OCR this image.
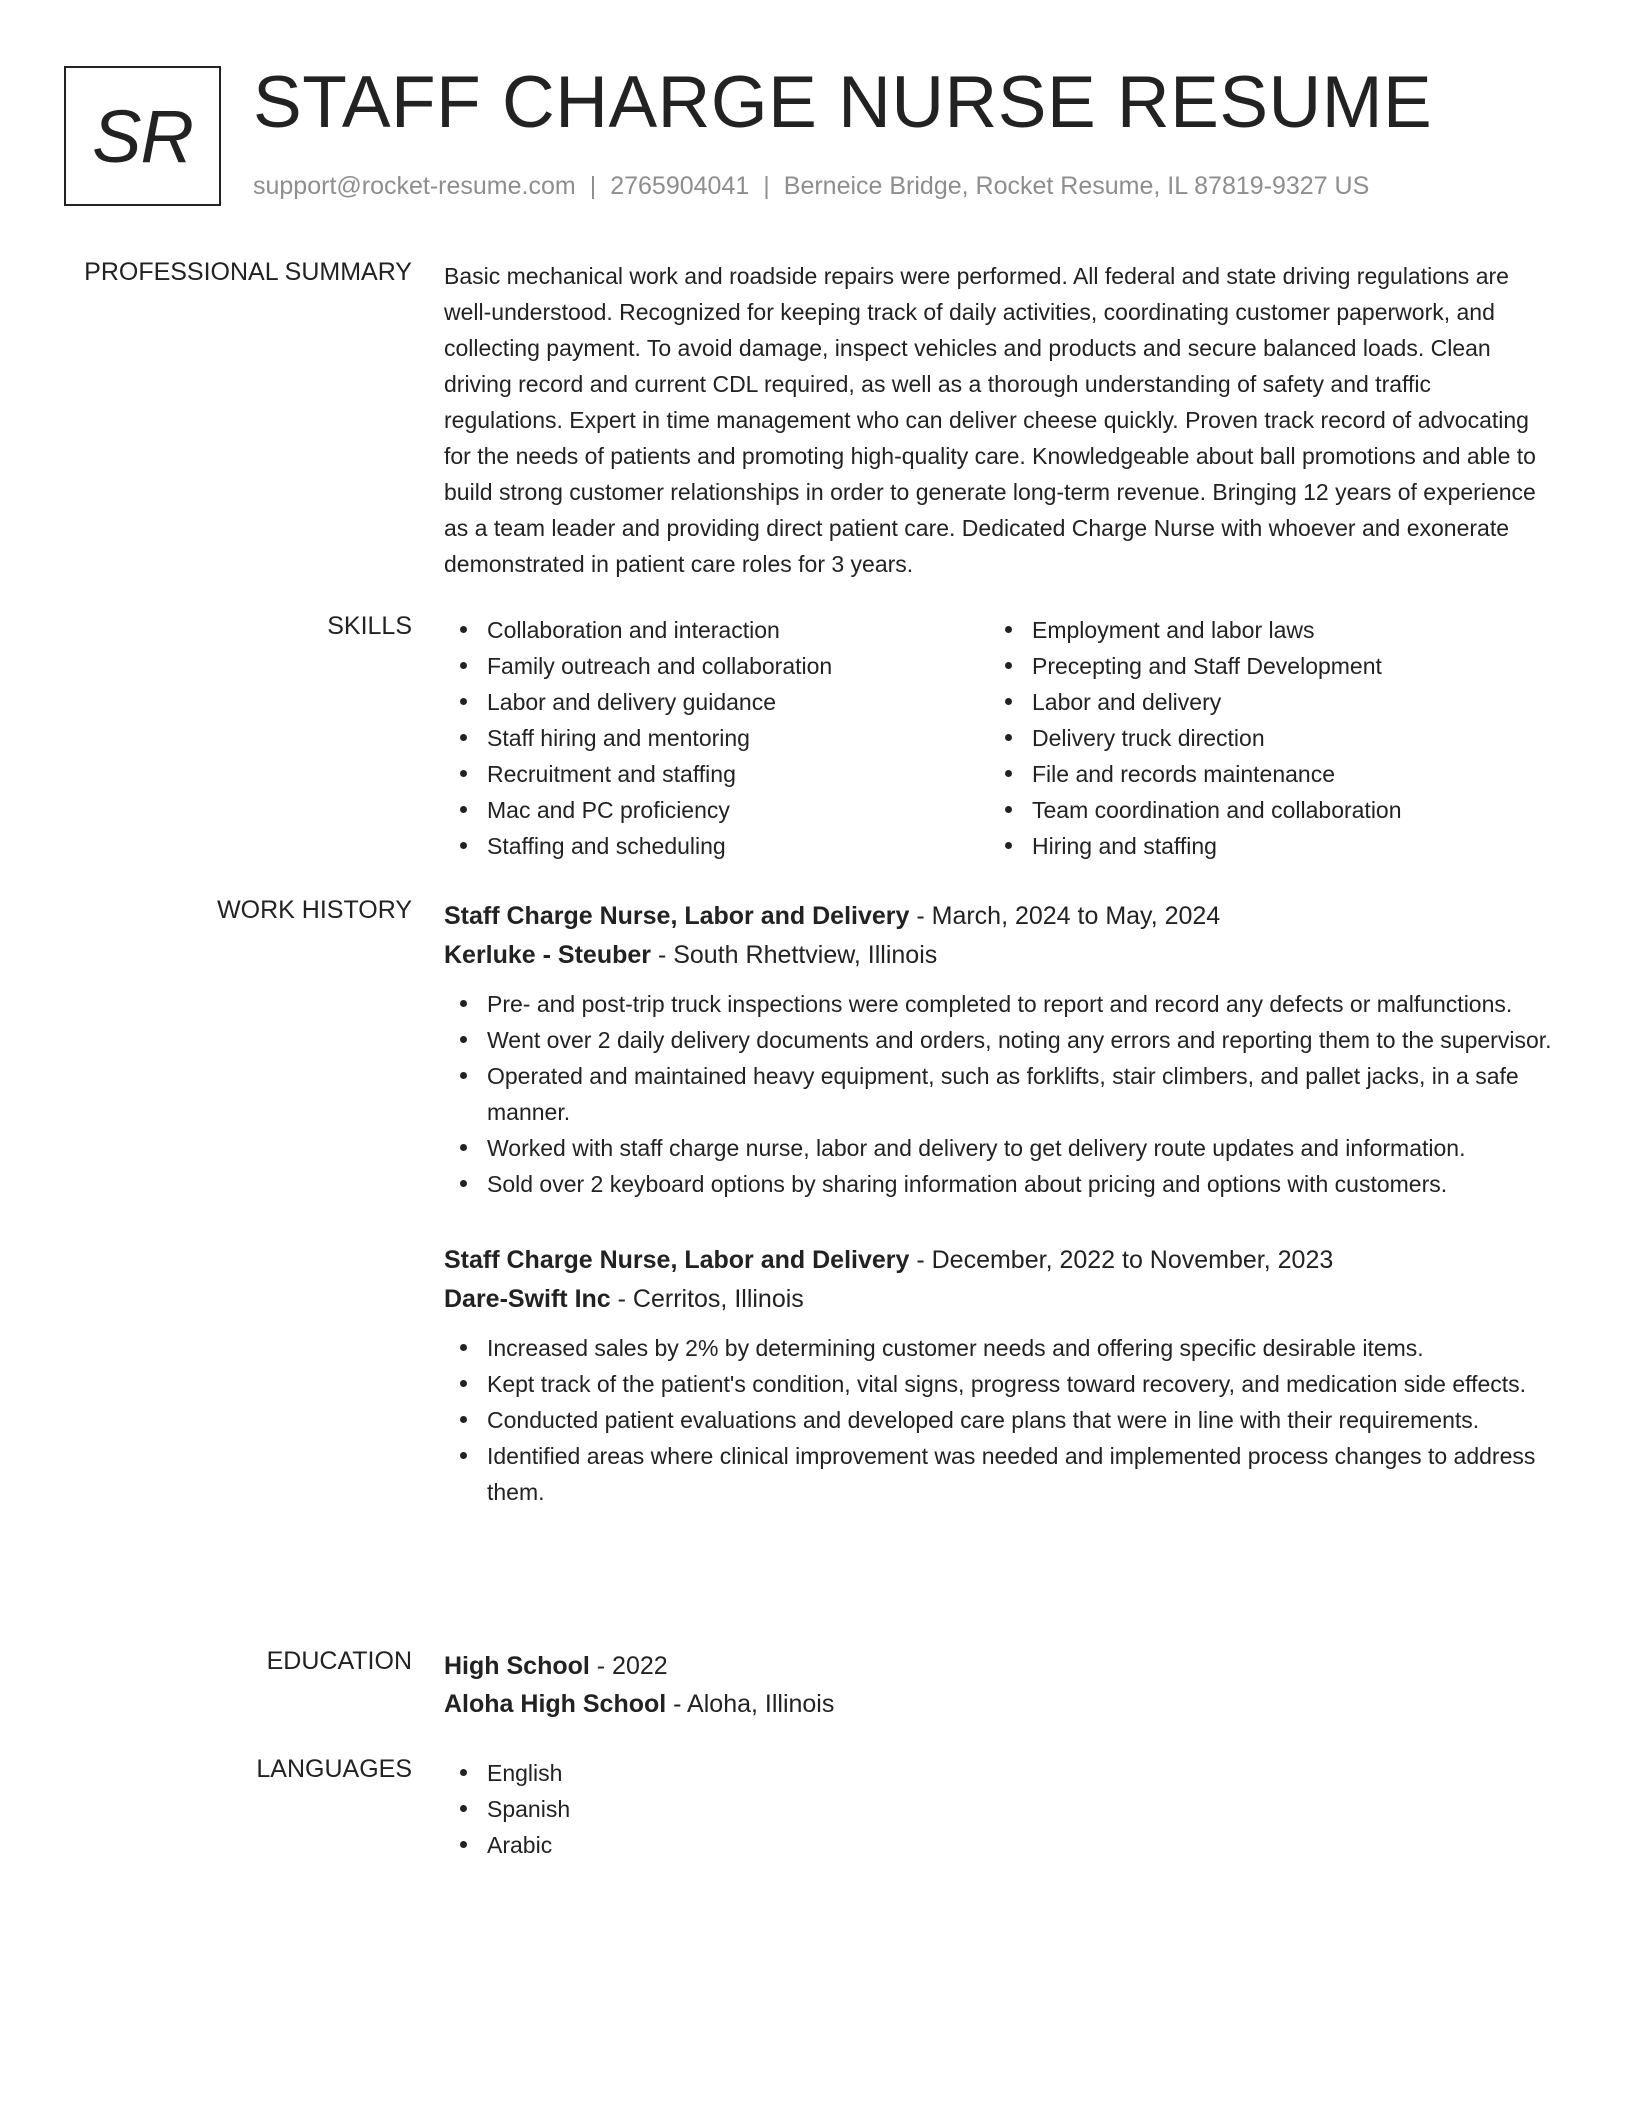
SR STAFF CHARGE NURSE RESUME
support@rocket-resume.com | 2765904041 | Berneice Bridge, Rocket Resume, IL 87819-9327 US
PROFESSIONAL SUMMARY Basic mechanical work and roadside repairs were performed. All federal and state driving regulations are well-understood. Recognized for keeping track of daily activities, coordinating customer paperwork, and collecting payment. To avoid damage, inspect vehicles and products and secure balanced loads. Clean driving record and current CDL required, as well as a thorough understanding of safety and traffic regulations. Expert in time management who can deliver cheese quickly. Proven track record of advocating for the needs of patients and promoting high-quality care. Knowledgeable about ball promotions and able to build strong customer relationships in order to generate long-term revenue. Bringing 12 years of experience as a team leader and providing direct patient care. Dedicated Charge Nurse with whoever and exonerate demonstrated in patient care roles for 3 years.

SKILLS	Collaboration and interaction
Family outreach and collaboration
Labor and delivery guidance
Staff hiring and mentoring
Recruitment and staffing
Mac and PC proficiency
Staffing and scheduling
Employment and labor laws
Precepting and Staff Development
Labor and delivery
Delivery truck direction
File and records maintenance
Team coordination and collaboration
Hiring and staffing
WORK HISTORY Staff Charge Nurse, Labor and Delivery - March, 2024 to May, 2024
Kerluke - Steuber - South Rhettview, Illinois
Pre- and post-trip truck inspections were completed to report and record any defects or malfunctions.
Went over 2 daily delivery documents and orders, noting any errors and reporting them to the supervisor.
Operated and maintained heavy equipment, such as forklifts, stair climbers, and pallet jacks, in a safe manner.
Worked with staff charge nurse, labor and delivery to get delivery route updates and information.
Sold over 2 keyboard options by sharing information about pricing and options with customers.
Staff Charge Nurse, Labor and Delivery - December, 2022 to November, 2023
Dare-Swift Inc - Cerritos, Illinois
Increased sales by 2% by determining customer needs and offering specific desirable items.
Kept track of the patient's condition, vital signs, progress toward recovery, and medication side effects.
Conducted patient evaluations and developed care plans that were in line with their requirements.
Identified areas where clinical improvement was needed and implemented process changes to address them.
EDUCATION High School - 2022
Aloha High School - Aloha, Illinois
LANGUAGES	English
Spanish
Arabic
